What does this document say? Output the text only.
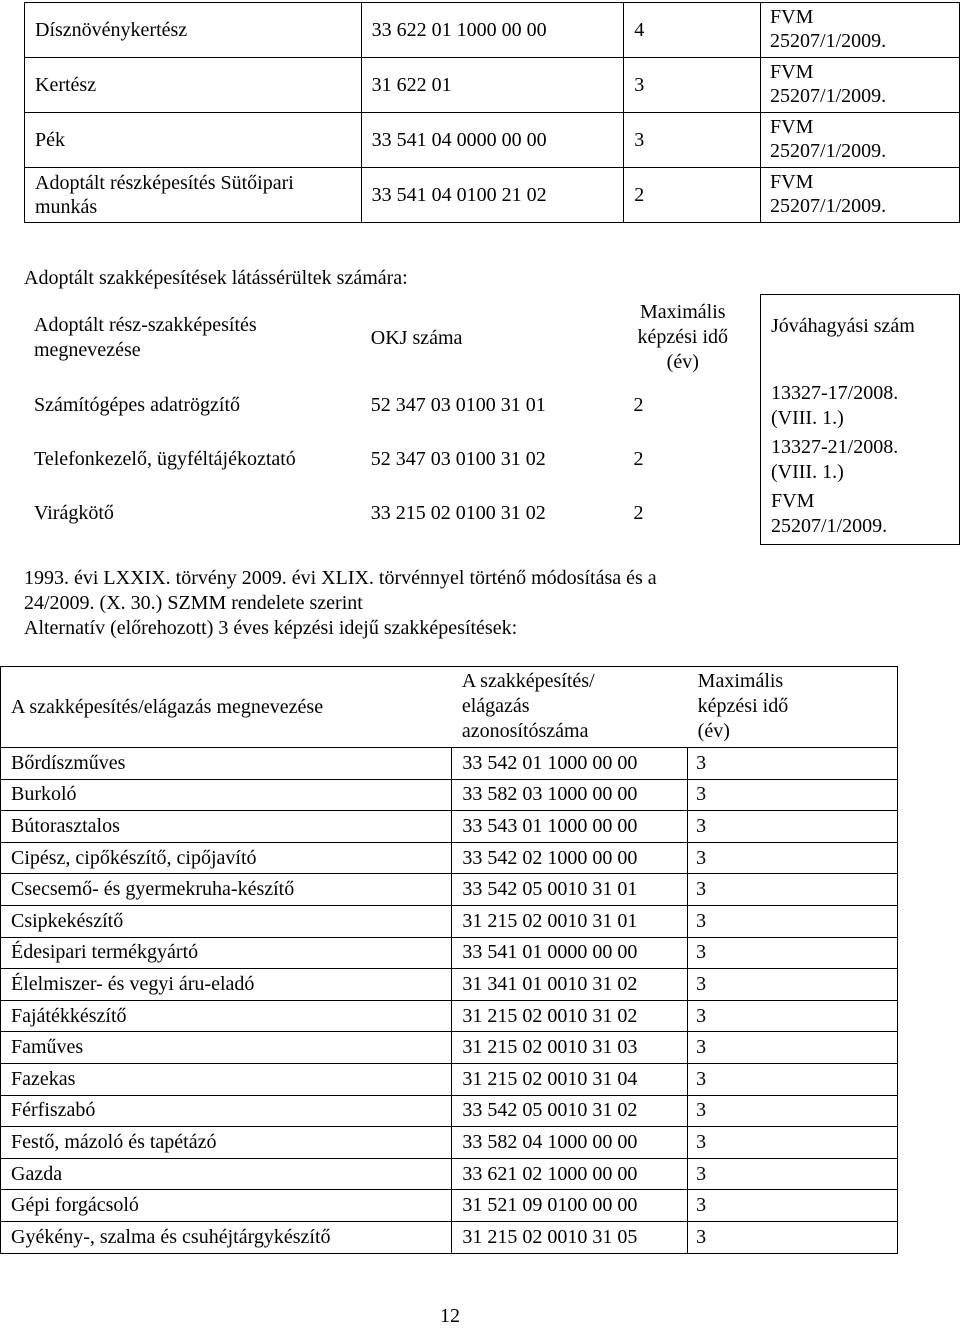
Dísznövénykertész	33 622 01 1000 00 00	4	FVM 25207/1/2009.
Kertész	31 622 01	3	FVM 25207/1/2009.
Pék	33 541 04 0000 00 00	3	FVM 25207/1/2009.
Adoptált részképesítés Sütőipari munkás	33 541 04 0100 21 02	2	FVM 25207/1/2009.
Adoptált szakképesítések látássérültek számára:
Adoptált rész-szakképesítés megnevezése	OKJ száma	Maximális képzési idő (év)	Jóváhagyási szám
Számítógépes adatrögzítő	52 347 03 0100 31 01	2	13327-17/2008. (VIII. 1.)
Telefonkezelő, ügyféltájékoztató	52 347 03 0100 31 02	2	13327-21/2008. (VIII. 1.)
Virágkötő	33 215 02 0100 31 02	2	FVM 25207/1/2009.
1993. évi LXXIX. törvény 2009. évi XLIX. törvénnyel történő módosítása és a
24/2009. (X. 30.) SZMM rendelete szerint
Alternatív (előrehozott) 3 éves képzési idejű szakképesítések:
A szakképesítés/elágazás megnevezése	A szakképesítés/ elágazás azonosítószáma	Maximális képzési idő (év)

Bőrdíszműves	33 542 01 1000 00 00	3
Burkoló	33 582 03 1000 00 00	3
Bútorasztalos	33 543 01 1000 00 00	3
Cipész, cipőkészítő, cipőjavító	33 542 02 1000 00 00	3
Csecsemő- és gyermekruha-készítő	33 542 05 0010 31 01	3
Csipkekészítő	31 215 02 0010 31 01	3
Édesipari termékgyártó	33 541 01 0000 00 00	3
Élelmiszer- és vegyi áru-eladó	31 341 01 0010 31 02	3
Fajátékkészítő	31 215 02 0010 31 02	3
Faműves	31 215 02 0010 31 03	3
Fazekas	31 215 02 0010 31 04	3
Férfiszabó	33 542 05 0010 31 02	3
Festő, mázoló és tapétázó	33 582 04 1000 00 00	3
Gazda	33 621 02 1000 00 00	3
Gépi forgácsoló	31 521 09 0100 00 00	3
Gyékény-, szalma és csuhéjtárgykészítő	31 215 02 0010 31 05	3
12
